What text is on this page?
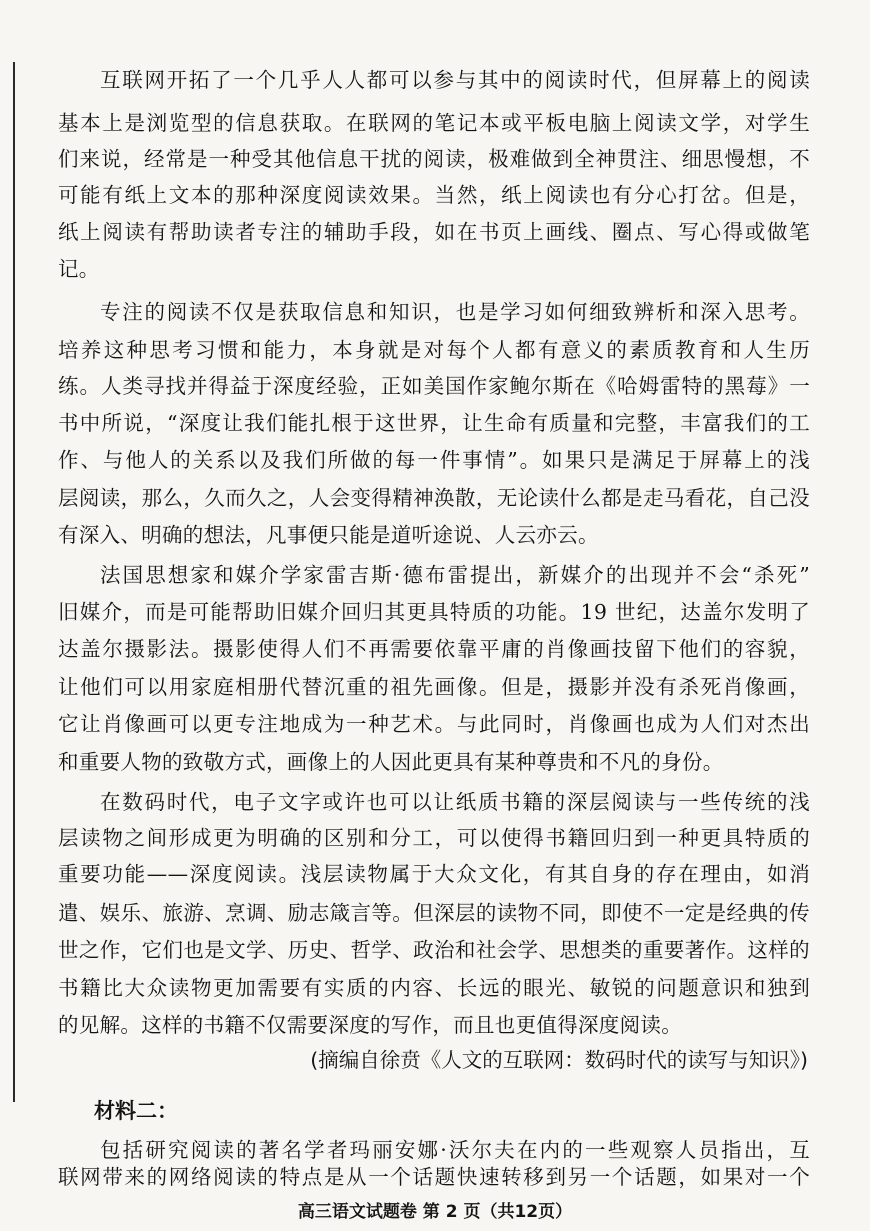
互联网开拓了一个几乎人人都可以参与其中的阅读时代，但屏幕上的阅读
基本上是浏览型的信息获取。在联网的笔记本或平板电脑上阅读文学，对学生
们来说，经常是一种受其他信息干扰的阅读，极难做到全神贯注、细思慢想，不
可能有纸上文本的那种深度阅读效果。当然，纸上阅读也有分心打岔。但是，
纸上阅读有帮助读者专注的辅助手段，如在书页上画线、圈点、写心得或做笔
记。
专注的阅读不仅是获取信息和知识，也是学习如何细致辨析和深入思考。
培养这种思考习惯和能力，本身就是对每个人都有意义的素质教育和人生历
练。人类寻找并得益于深度经验，正如美国作家鲍尔斯在《哈姆雷特的黑莓》一
书中所说，“深度让我们能扎根于这世界，让生命有质量和完整，丰富我们的工
作、与他人的关系以及我们所做的每一件事情”。如果只是满足于屏幕上的浅
层阅读，那么，久而久之，人会变得精神涣散，无论读什么都是走马看花，自己没
有深入、明确的想法，凡事便只能是道听途说、人云亦云。
法国思想家和媒介学家雷吉斯·德布雷提出，新媒介的出现并不会“杀死”
旧媒介，而是可能帮助旧媒介回归其更具特质的功能。19 世纪，达盖尔发明了
达盖尔摄影法。摄影使得人们不再需要依靠平庸的肖像画技留下他们的容貌，
让他们可以用家庭相册代替沉重的祖先画像。但是，摄影并没有杀死肖像画，
它让肖像画可以更专注地成为一种艺术。与此同时，肖像画也成为人们对杰出
和重要人物的致敬方式，画像上的人因此更具有某种尊贵和不凡的身份。
在数码时代，电子文字或许也可以让纸质书籍的深层阅读与一些传统的浅
层读物之间形成更为明确的区别和分工，可以使得书籍回归到一种更具特质的
重要功能——深度阅读。浅层读物属于大众文化，有其自身的存在理由，如消
遣、娱乐、旅游、烹调、励志箴言等。但深层的读物不同，即使不一定是经典的传
世之作，它们也是文学、历史、哲学、政治和社会学、思想类的重要著作。这样的
书籍比大众读物更加需要有实质的内容、长远的眼光、敏锐的问题意识和独到
的见解。这样的书籍不仅需要深度的写作，而且也更值得深度阅读。
(摘编自徐贲《人文的互联网：数码时代的读写与知识》)
材料二：
包括研究阅读的著名学者玛丽安娜·沃尔夫在内的一些观察人员指出，互
联网带来的网络阅读的特点是从一个话题快速转移到另一个话题，如果对一个
高三语文试题卷 第 2 页（共12页）
